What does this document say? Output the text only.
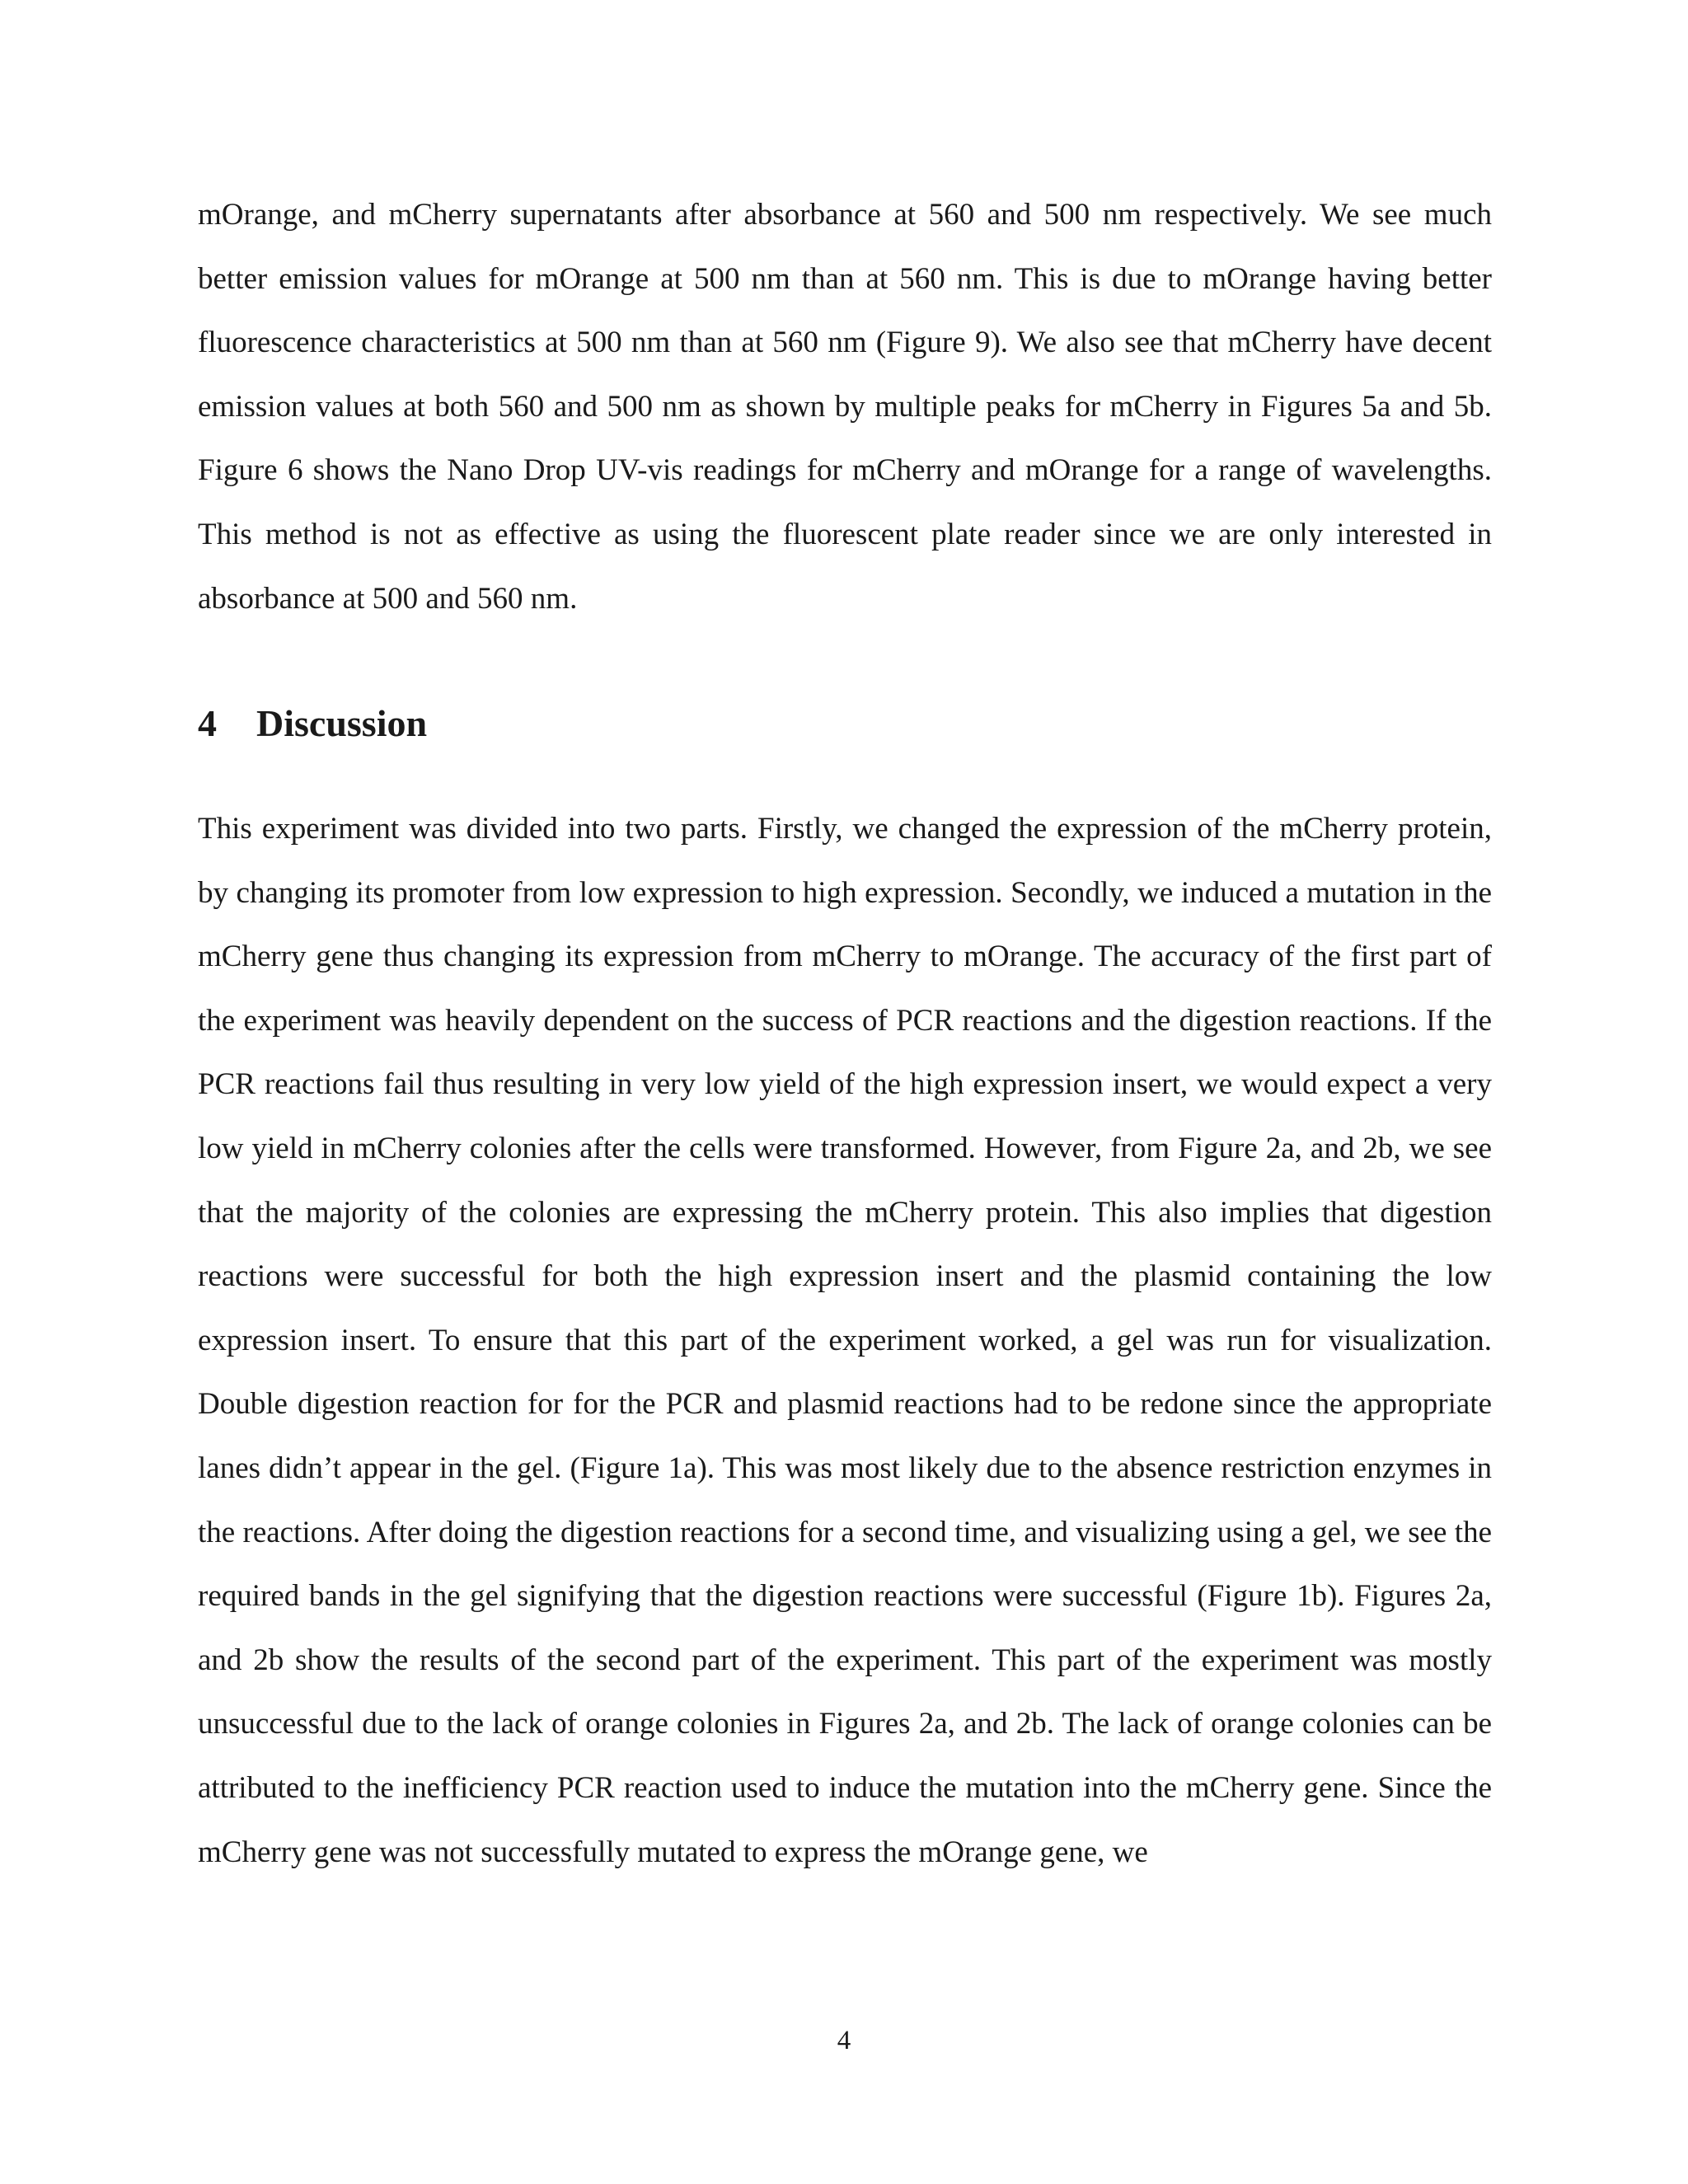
mOrange, and mCherry supernatants after absorbance at 560 and 500 nm respectively. We see much better emission values for mOrange at 500 nm than at 560 nm. This is due to mOrange having better fluorescence characteristics at 500 nm than at 560 nm (Figure 9). We also see that mCherry have decent emission values at both 560 and 500 nm as shown by multiple peaks for mCherry in Figures 5a and 5b. Figure 6 shows the Nano Drop UV-vis readings for mCherry and mOrange for a range of wavelengths. This method is not as effective as using the fluorescent plate reader since we are only interested in absorbance at 500 and 560 nm.

4 Discussion

This experiment was divided into two parts. Firstly, we changed the expression of the mCherry protein, by changing its promoter from low expression to high expression. Secondly, we induced a mutation in the mCherry gene thus changing its expression from mCherry to mOrange. The accuracy of the first part of the experiment was heavily dependent on the success of PCR reactions and the digestion reactions. If the PCR reactions fail thus resulting in very low yield of the high expression insert, we would expect a very low yield in mCherry colonies after the cells were transformed. However, from Figure 2a, and 2b, we see that the majority of the colonies are expressing the mCherry protein. This also implies that digestion reactions were successful for both the high expression insert and the plasmid containing the low expression insert. To ensure that this part of the experiment worked, a gel was run for visualization. Double digestion reaction for for the PCR and plasmid reactions had to be redone since the appropriate lanes didn’t appear in the gel. (Figure 1a). This was most likely due to the absence restriction enzymes in the reactions. After doing the digestion reactions for a second time, and visualizing using a gel, we see the required bands in the gel signifying that the digestion reactions were successful (Figure 1b). Figures 2a, and 2b show the results of the second part of the experiment. This part of the experiment was mostly unsuccessful due to the lack of orange colonies in Figures 2a, and 2b. The lack of orange colonies can be attributed to the inefficiency PCR reaction used to induce the mutation into the mCherry gene. Since the mCherry gene was not successfully mutated to express the mOrange gene, we

4
